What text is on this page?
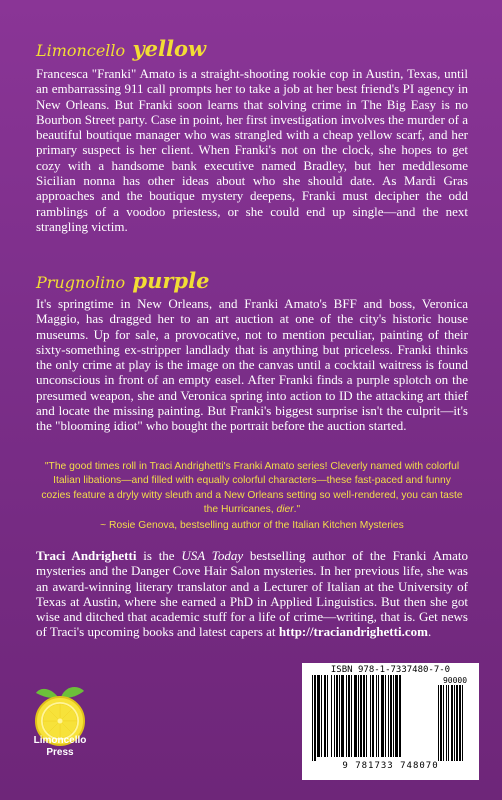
Limoncello yellow

Francesca "Franki" Amato is a straight-shooting rookie cop in Austin, Texas, until an embarrassing 911 call prompts her to take a job at her best friend's PI agency in New Orleans. But Franki soon learns that solving crime in The Big Easy is no Bourbon Street party. Case in point, her first investigation involves the murder of a beautiful boutique manager who was strangled with a cheap yellow scarf, and her primary suspect is her client. When Franki's not on the clock, she hopes to get cozy with a handsome bank executive named Bradley, but her meddlesome Sicilian nonna has other ideas about who she should date. As Mardi Gras approaches and the boutique mystery deepens, Franki must decipher the odd ramblings of a voodoo priestess, or she could end up single—and the next strangling victim.

Prugnolino purple

It's springtime in New Orleans, and Franki Amato's BFF and boss, Veronica Maggio, has dragged her to an art auction at one of the city's historic house museums. Up for sale, a provocative, not to mention peculiar, painting of their sixty-something ex-stripper landlady that is anything but priceless. Franki thinks the only crime at play is the image on the canvas until a cocktail waitress is found unconscious in front of an empty easel. After Franki finds a purple splotch on the presumed weapon, she and Veronica spring into action to ID the attacking art thief and locate the missing painting. But Franki's biggest surprise isn't the culprit—it's the "blooming idiot" who bought the portrait before the auction started.

"The good times roll in Traci Andrighetti's Franki Amato series! Cleverly named with colorful Italian libations—and filled with equally colorful characters—these fast-paced and funny cozies feature a dryly witty sleuth and a New Orleans setting so well-rendered, you can taste the Hurricanes, dier."

~ Rosie Genova, bestselling author of the Italian Kitchen Mysteries

Traci Andrighetti is the USA Today bestselling author of the Franki Amato mysteries and the Danger Cove Hair Salon mysteries. In her previous life, she was an award-winning literary translator and a Lecturer of Italian at the University of Texas at Austin, where she earned a PhD in Applied Linguistics. But then she got wise and ditched that academic stuff for a life of crime—writing, that is. Get news of Traci's upcoming books and latest capers at http://traciandrighetti.com.

Limoncello
Press
ISBN 978-1-7337480-7-0
90000
9 781733 748070
